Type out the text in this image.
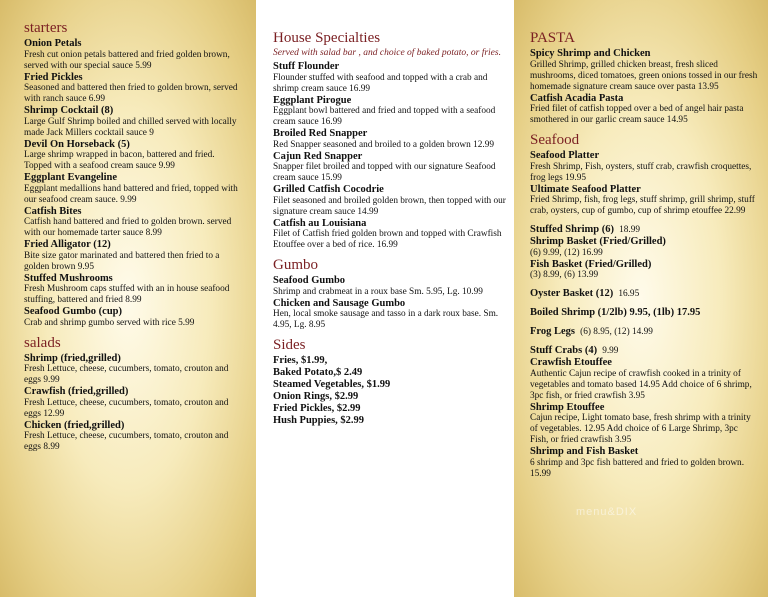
starters
Onion Petals
Fresh cut onion petals battered and fried golden brown, served with our special sauce 5.99
Fried Pickles
Seasoned and battered then fried to golden brown, served with ranch sauce 6.99
Shrimp Cocktail (8)
Large Gulf Shrimp boiled and chilled served with locally made Jack Millers cocktail sauce 9
Devil On Horseback (5)
Large shrimp wrapped in bacon, battered and fried. Topped with a seafood cream sauce 9.99
Eggplant Evangeline
Eggplant medallions hand battered and fried, topped with our seafood cream sauce. 9.99
Catfish Bites
Catfish hand battered and fried to golden brown. served with our homemade tarter sauce 8.99
Fried Alligator (12)
Bite size gator marinated and battered then fried to a golden brown 9.95
Stuffed Mushrooms
Fresh Mushroom caps stuffed with an in house seafood stuffing, battered and fried 8.99
Seafood Gumbo (cup)
Crab and shrimp gumbo served with rice 5.99
salads
Shrimp (fried,grilled)
Fresh Lettuce, cheese, cucumbers, tomato, crouton and eggs 9.99
Crawfish (fried,grilled)
Fresh Lettuce, cheese, cucumbers, tomato, crouton and eggs 12.99
Chicken (fried,grilled)
Fresh Lettuce, cheese, cucumbers, tomato, crouton and eggs 8.99
House Specialties
Served with salad bar , and choice of baked potato, or fries.
Stuff Flounder
Flounder stuffed with seafood and topped with a crab and shrimp cream sauce 16.99
Eggplant Pirogue
Eggplant bowl battered and fried and topped with a seafood cream sauce 16.99
Broiled Red Snapper
Red Snapper seasoned and broiled to a golden brown 12.99
Cajun Red Snapper
Snapper filet broiled and topped with our signature Seafood cream sauce 15.99
Grilled Catfish Cocodrie
Filet seasoned and broiled golden brown, then topped with our signature cream sauce 14.99
Catfish au Louisiana
Filet of Catfish fried golden brown and topped with Crawfish Etouffee over a bed of rice. 16.99
Gumbo
Seafood Gumbo
Shrimp and crabmeat in a roux base Sm. 5.95, Lg. 10.99
Chicken and Sausage Gumbo
Hen, local smoke sausage and tasso in a dark roux base. Sm. 4.95, Lg. 8.95
Sides
Fries, $1.99,
Baked Potato,$ 2.49
Steamed Vegetables, $1.99
Onion Rings, $2.99
Fried Pickles, $2.99
Hush Puppies, $2.99
PASTA
Spicy Shrimp and Chicken
Grilled Shrimp, grilled chicken breast, fresh sliced mushrooms, diced tomatoes, green onions tossed in our fresh homemade signature cream sauce over pasta 13.95
Catfish Acadia Pasta
Fried filet of catfish topped over a bed of angel hair pasta smothered in our garlic cream sauce 14.95
Seafood
Seafood Platter
Fresh Shrimp, Fish, oysters, stuff crab, crawfish croquettes, frog legs 19.95
Ultimate Seafood Platter
Fried Shrimp, fish, frog legs, stuff shrimp, grill shrimp, stuff crab, oysters, cup of gumbo, cup of shrimp etouffee 22.99
Stuffed Shrimp (6) 18.99
Shrimp Basket (Fried/Grilled)
(6) 9.99, (12) 16.99
Fish Basket (Fried/Grilled)
(3) 8.99, (6) 13.99
Oyster Basket (12) 16.95
Boiled Shrimp (1/2lb) 9.95, (1lb) 17.95
Frog Legs (6) 8.95, (12) 14.99
Stuff Crabs (4) 9.99
Crawfish Etouffee
Authentic Cajun recipe of crawfish cooked in a trinity of vegetables and tomato based 14.95 Add choice of 6 shrimp, 3pc fish, or fried crawfish 3.95
Shrimp Etouffee
Cajun recipe, Light tomato base, fresh shrimp with a trinity of vegetables. 12.95 Add choice of 6 Large Shrimp, 3pc Fish, or fried crawfish 3.95
Shrimp and Fish Basket
6 shrimp and 3pc fish battered and fried to golden brown. 15.99
menu&DIX
